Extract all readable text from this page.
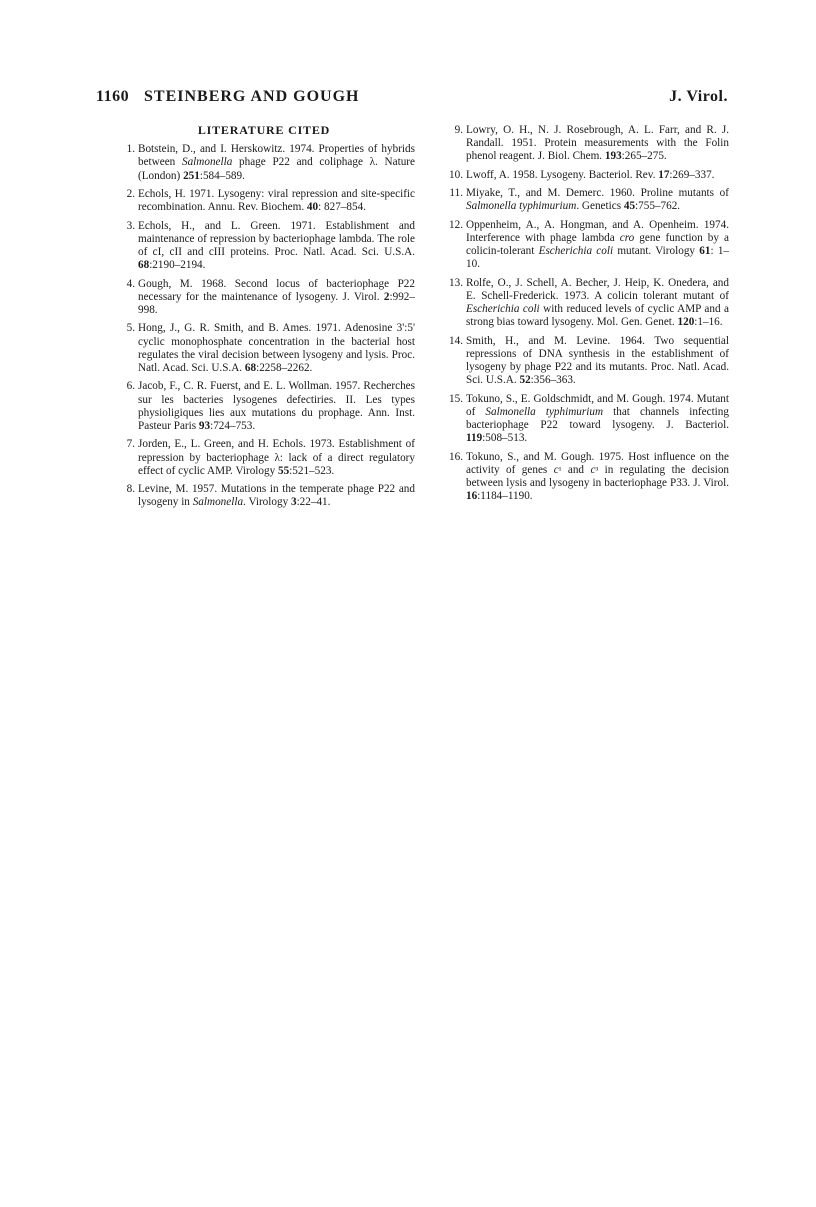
1160 STEINBERG AND GOUGH	J. Virol.
LITERATURE CITED
1. Botstein, D., and I. Herskowitz. 1974. Properties of hybrids between Salmonella phage P22 and coliphage λ. Nature (London) 251:584–589.
2. Echols, H. 1971. Lysogeny: viral repression and site-specific recombination. Annu. Rev. Biochem. 40: 827–854.
3. Echols, H., and L. Green. 1971. Establishment and maintenance of repression by bacteriophage lambda. The role of cI, cII and cIII proteins. Proc. Natl. Acad. Sci. U.S.A. 68:2190–2194.
4. Gough, M. 1968. Second locus of bacteriophage P22 necessary for the maintenance of lysogeny. J. Virol. 2:992–998.
5. Hong, J., G. R. Smith, and B. Ames. 1971. Adenosine 3':5' cyclic monophosphate concentration in the bacterial host regulates the viral decision between lysogeny and lysis. Proc. Natl. Acad. Sci. U.S.A. 68:2258–2262.
6. Jacob, F., C. R. Fuerst, and E. L. Wollman. 1957. Recherches sur les bacteries lysogenes defectiries. II. Les types physioligiques lies aux mutations du prophage. Ann. Inst. Pasteur Paris 93:724–753.
7. Jorden, E., L. Green, and H. Echols. 1973. Establishment of repression by bacteriophage λ: lack of a direct regulatory effect of cyclic AMP. Virology 55:521–523.
8. Levine, M. 1957. Mutations in the temperate phage P22 and lysogeny in Salmonella. Virology 3:22–41.
9. Lowry, O. H., N. J. Rosebrough, A. L. Farr, and R. J. Randall. 1951. Protein measurements with the Folin phenol reagent. J. Biol. Chem. 193:265–275.
10. Lwoff, A. 1958. Lysogeny. Bacteriol. Rev. 17:269–337.
11. Miyake, T., and M. Demerc. 1960. Proline mutants of Salmonella typhimurium. Genetics 45:755–762.
12. Oppenheim, A., A. Hongman, and A. Openheim. 1974. Interference with phage lambda cro gene function by a colicin-tolerant Escherichia coli mutant. Virology 61: 1–10.
13. Rolfe, O., J. Schell, A. Becher, J. Heip, K. Onedera, and E. Schell-Frederick. 1973. A colicin tolerant mutant of Escherichia coli with reduced levels of cyclic AMP and a strong bias toward lysogeny. Mol. Gen. Genet. 120:1–16.
14. Smith, H., and M. Levine. 1964. Two sequential repressions of DNA synthesis in the establishment of lysogeny by phage P22 and its mutants. Proc. Natl. Acad. Sci. U.S.A. 52:356–363.
15. Tokuno, S., E. Goldschmidt, and M. Gough. 1974. Mutant of Salmonella typhimurium that channels infecting bacteriophage P22 toward lysogeny. J. Bacteriol. 119:508–513.
16. Tokuno, S., and M. Gough. 1975. Host influence on the activity of genes $c^{^1}$ and $c^{^3}$ in regulating the decision between lysis and lysogeny in bacteriophage P33. J. Virol. 16:1184–1190.
